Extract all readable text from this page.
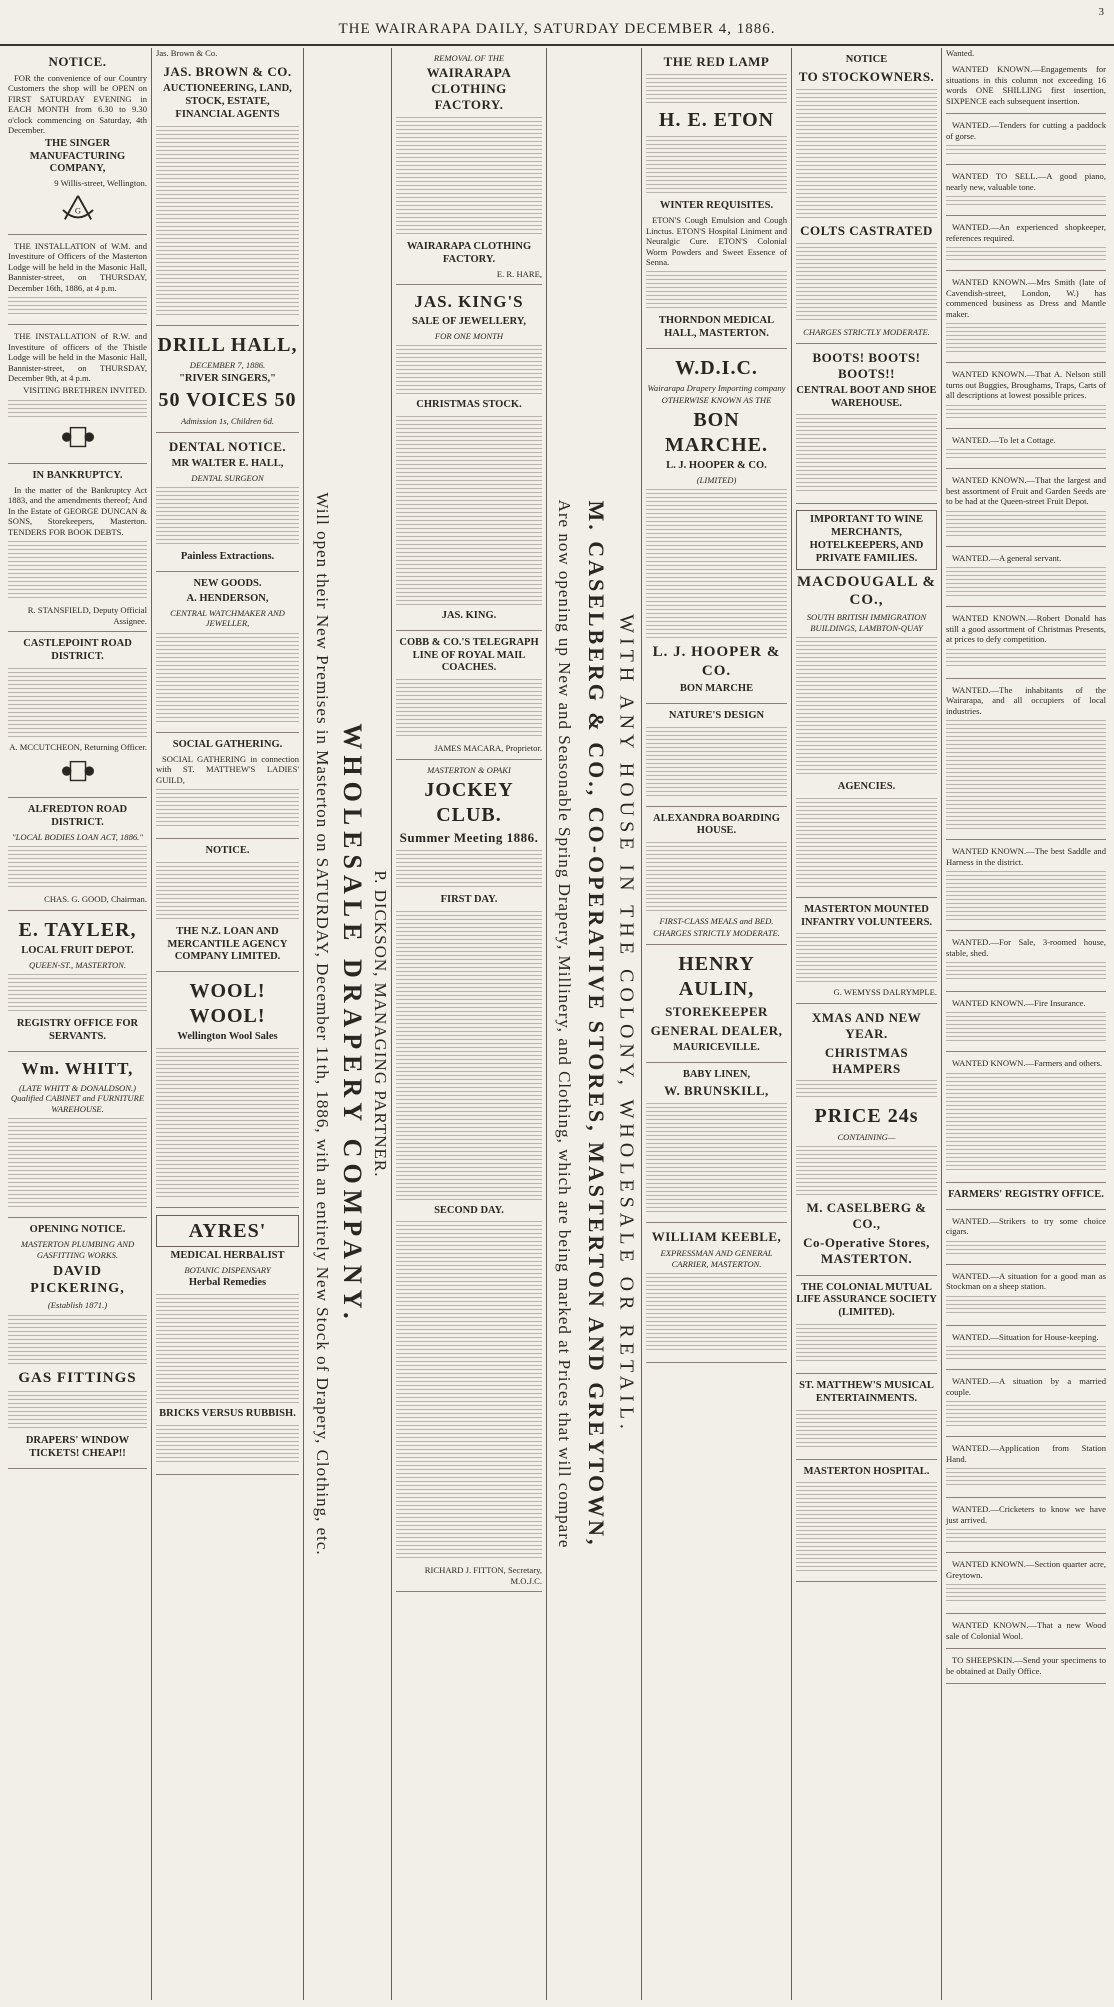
THE WAIRARAPA DAILY, SATURDAY DECEMBER 4, 1886.
3
NOTICE.

FOR the convenience of our Country Customers the shop will be OPEN on FIRST SATURDAY EVENING in EACH MONTH from 6.30 to 9.30 o'clock commencing on Saturday, 4th December.

THE SINGER MANUFACTURING COMPANY,
9 Willis-street, Wellington.
G

THE INSTALLATION of W.M. and Investiture of Officers of the Masterton Lodge will be held in the Masonic Hall, Bannister-street, on THURSDAY, December 16th, 1886, at 4 p.m.

THE INSTALLATION of R.W. and Investiture of officers of the Thistle Lodge will be held in the Masonic Hall, Bannister-street, on THURSDAY, December 9th, at 4 p.m.

VISITING BRETHREN INVITED.
IN BANKRUPTCY.

In the matter of the Bankruptcy Act 1883, and the amendments thereof; And In the Estate of GEORGE DUNCAN & SONS, Storekeepers, Masterton. TENDERS FOR BOOK DEBTS.

R. STANSFIELD, Deputy Official Assignee.
CASTLEPOINT ROAD DISTRICT.
A. MCCUTCHEON, Returning Officer.
ALFREDTON ROAD DISTRICT.
"LOCAL BODIES LOAN ACT, 1886."
CHAS. G. GOOD, Chairman.
E. TAYLER,
LOCAL FRUIT DEPOT.
QUEEN-ST., MASTERTON.
REGISTRY OFFICE FOR SERVANTS.
Wm. WHITT,
(LATE WHITT & DONALDSON.) Qualified CABINET and FURNITURE WAREHOUSE.
OPENING NOTICE.
MASTERTON PLUMBING AND GASFITTING WORKS.
DAVID PICKERING,
(Establish 1871.)
GAS FITTINGS
DRAPERS' WINDOW TICKETS! CHEAP!!
Jas. Brown & Co.
JAS. BROWN & CO.
AUCTIONEERING, LAND, STOCK, ESTATE, FINANCIAL AGENTS
DRILL HALL,
DECEMBER 7, 1886.
"RIVER SINGERS,"
50 VOICES 50
Admission 1s, Children 6d.
DENTAL NOTICE.
MR WALTER E. HALL,
DENTAL SURGEON
Painless Extractions.
NEW GOODS.
A. HENDERSON,
CENTRAL WATCHMAKER AND JEWELLER,
SOCIAL GATHERING.

SOCIAL GATHERING in connection with ST. MATTHEW'S LADIES' GUILD,

NOTICE.
THE N.Z. LOAN AND MERCANTILE AGENCY COMPANY LIMITED.
WOOL! WOOL!
Wellington Wool Sales
AYRES'
MEDICAL HERBALIST
BOTANIC DISPENSARY
Herbal Remedies
BRICKS VERSUS RUBBISH. Will open their New Premises in Masterton on SATURDAY, December 11th, 1886, with an entirely New Stock of Drapery, Clothing, etc. WHOLESALE DRAPERY COMPANY. P. DICKSON, MANAGING PARTNER.
REMOVAL OF THE
WAIRARAPA CLOTHING FACTORY.
WAIRARAPA CLOTHING FACTORY.
E. R. HARE,
JAS. KING'S
SALE OF JEWELLERY,
FOR ONE MONTH
CHRISTMAS STOCK.
JAS. KING.
COBB & CO.'S TELEGRAPH LINE OF ROYAL MAIL COACHES.
JAMES MACARA, Proprietor.
MASTERTON & OPAKI
JOCKEY CLUB.
Summer Meeting 1886.
FIRST DAY.
SECOND DAY.
RICHARD J. FITTON, Secretary, M.O.J.C.
Are now opening up New and Seasonable Spring Drapery, Millinery, and Clothing, which are being marked at Prices that will compare M. CASELBERG & CO., CO-OPERATIVE STORES, MASTERTON AND GREYTOWN, WITH ANY HOUSE IN THE COLONY, WHOLESALE OR RETAIL.
THE RED LAMP
H. E. ETON
WINTER REQUISITES.

ETON'S Cough Emulsion and Cough Linctus. ETON'S Hospital Liniment and Neuralgic Cure. ETON'S Colonial Worm Powders and Sweet Essence of Senna.

THORNDON MEDICAL HALL, MASTERTON.
W.D.I.C.
Wairarapa Drapery Importing company
OTHERWISE KNOWN AS THE
BON MARCHE.
L. J. HOOPER & CO.
(LIMITED)
L. J. HOOPER & CO.
BON MARCHE
NATURE'S DESIGN
ALEXANDRA BOARDING HOUSE.
FIRST-CLASS MEALS and BED.
CHARGES STRICTLY MODERATE.
HENRY AULIN,
STOREKEEPER
GENERAL DEALER,
MAURICEVILLE.
BABY LINEN,
W. BRUNSKILL,
WILLIAM KEEBLE,
EXPRESSMAN AND GENERAL CARRIER, MASTERTON.
NOTICE
TO STOCKOWNERS.
COLTS CASTRATED
CHARGES STRICTLY MODERATE.
BOOTS! BOOTS! BOOTS!!
CENTRAL BOOT AND SHOE WAREHOUSE.
IMPORTANT TO WINE MERCHANTS, HOTELKEEPERS, AND PRIVATE FAMILIES.
MACDOUGALL & CO.,
SOUTH BRITISH IMMIGRATION BUILDINGS, LAMBTON-QUAY
AGENCIES.
MASTERTON MOUNTED INFANTRY VOLUNTEERS.
G. WEMYSS DALRYMPLE.
XMAS AND NEW YEAR.
CHRISTMAS HAMPERS
PRICE 24s
CONTAINING—
M. CASELBERG & CO.,
Co-Operative Stores, MASTERTON.
THE COLONIAL MUTUAL LIFE ASSURANCE SOCIETY (LIMITED).
ST. MATTHEW'S MUSICAL ENTERTAINMENTS.
MASTERTON HOSPITAL.
Wanted.

WANTED KNOWN.—Engagements for situations in this column not exceeding 16 words ONE SHILLING first insertion, SIXPENCE each subsequent insertion.

WANTED.—Tenders for cutting a paddock of gorse.

WANTED TO SELL.—A good piano, nearly new, valuable tone.

WANTED.—An experienced shopkeeper, references required.

WANTED KNOWN.—Mrs Smith (late of Cavendish-street, London, W.) has commenced business as Dress and Mantle maker.

WANTED KNOWN.—That A. Nelson still turns out Buggies, Broughams, Traps, Carts of all descriptions at lowest possible prices.

WANTED.—To let a Cottage.

WANTED KNOWN.—That the largest and best assortment of Fruit and Garden Seeds are to be had at the Queen-street Fruit Depot.

WANTED.—A general servant.

WANTED KNOWN.—Robert Donald has still a good assortment of Christmas Presents, at prices to defy competition.

WANTED.—The inhabitants of the Wairarapa, and all occupiers of local industries.

WANTED KNOWN.—The best Saddle and Harness in the district.

WANTED.—For Sale, 3-roomed house, stable, shed.

WANTED KNOWN.—Fire Insurance.

WANTED KNOWN.—Farmers and others.

FARMERS' REGISTRY OFFICE.

WANTED.—Strikers to try some choice cigars.

WANTED.—A situation for a good man as Stockman on a sheep station.

WANTED.—Situation for House-keeping.

WANTED.—A situation by a married couple.

WANTED.—Application from Station Hand.

WANTED.—Cricketers to know we have just arrived.

WANTED KNOWN.—Section quarter acre, Greytown.

WANTED KNOWN.—That a new Wood sale of Colonial Wool.

TO SHEEPSKIN.—Send your specimens to be obtained at Daily Office.
